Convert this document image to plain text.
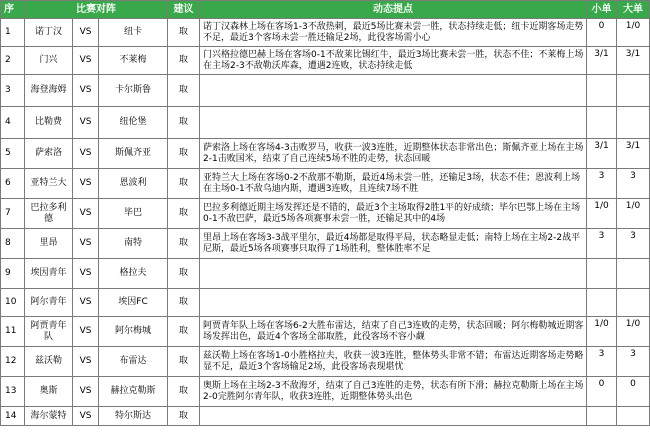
序	比赛对阵			建议	动态提点	小单	大单
1	诺丁汉	VS	纽卡	取	诺丁汉森林上场在客场1-3不敌热刺，最近5场比赛未尝一胜，状态持续走低；纽卡近期客场走势不足，最近3个客场未尝一胜还输足2场，此役客场需小心	0	1/0
2	门兴	VS	不莱梅	取	门兴格拉德巴赫上场在客场0-1不敌莱比锡红牛，最近3场比赛未尝一胜，状态不佳；不莱梅上场在主场2-3不敌勒沃库森，遭遇2连败，状态持续走低	3/1	3/1
3	海登海姆	VS	卡尔斯鲁	取			
4	比勒费	VS	纽伦堡	取			
5	萨索洛	VS	斯佩齐亚	取	萨索洛上场在客场4-3击败罗马，收获一波3连胜，近期整体状态非常出色；斯佩齐亚上场在主场2-1击败国米，结束了自己连续5场不胜的走势，状态回暖	3/1	3/1
6	亚特兰大	VS	恩波利	取	亚特兰大上场在客场0-2不敌那不勒斯，最近4场未尝一胜，还输足3场，状态不佳；恩波利上场在主场0-1不敌乌迪内斯，遭遇3连败，且连续7场不胜	3	3
7	巴拉多利德	VS	毕巴	取	巴拉多利德近期主场发挥还是不错的，最近3个主场取得2胜1平的好成绩；毕尔巴鄂上场在主场0-1不敌巴萨，最近5场各项赛事未尝一胜，还输足其中的4场	1/0	1/0
8	里昂	VS	南特	取	里昂上场在客场3-3战平里尔，最近4场都是取得平局，状态略显走低；南特上场在主场2-2战平尼斯，最近5场各项赛事只取得了1场胜利，整体胜率不足	3	3
9	埃因青年	VS	格拉夫	取			
10	阿尔青年	VS	埃因FC	取			
11	阿贾青年队	VS	阿尔梅城	取	阿贾青年队上场在客场6-2大胜布雷达，结束了自己3连败的走势，状态回暖；阿尔梅勒城近期客场发挥出色，最近4个客场全部取胜，此役客场不容小觑	1/0	1/0
12	兹沃勒	VS	布雷达	取	兹沃勒上场在客场1-0小胜格拉夫，收获一波3连胜，整体势头非常不错；布雷达近期客场走势略显不足，最近3个客场输足2场，此役客场表现堪忧	3	3
13	奥斯	VS	赫拉克勒斯	取	奥斯上场在主场2-3不敌海牙，结束了自己3连胜的走势，状态有所下滑；赫拉克勒斯上场在主场2-0完胜阿尔青年队，收获3连胜，近期整体势头出色	0	0
14	海尔蒙特	VS	特尔斯达	取			
